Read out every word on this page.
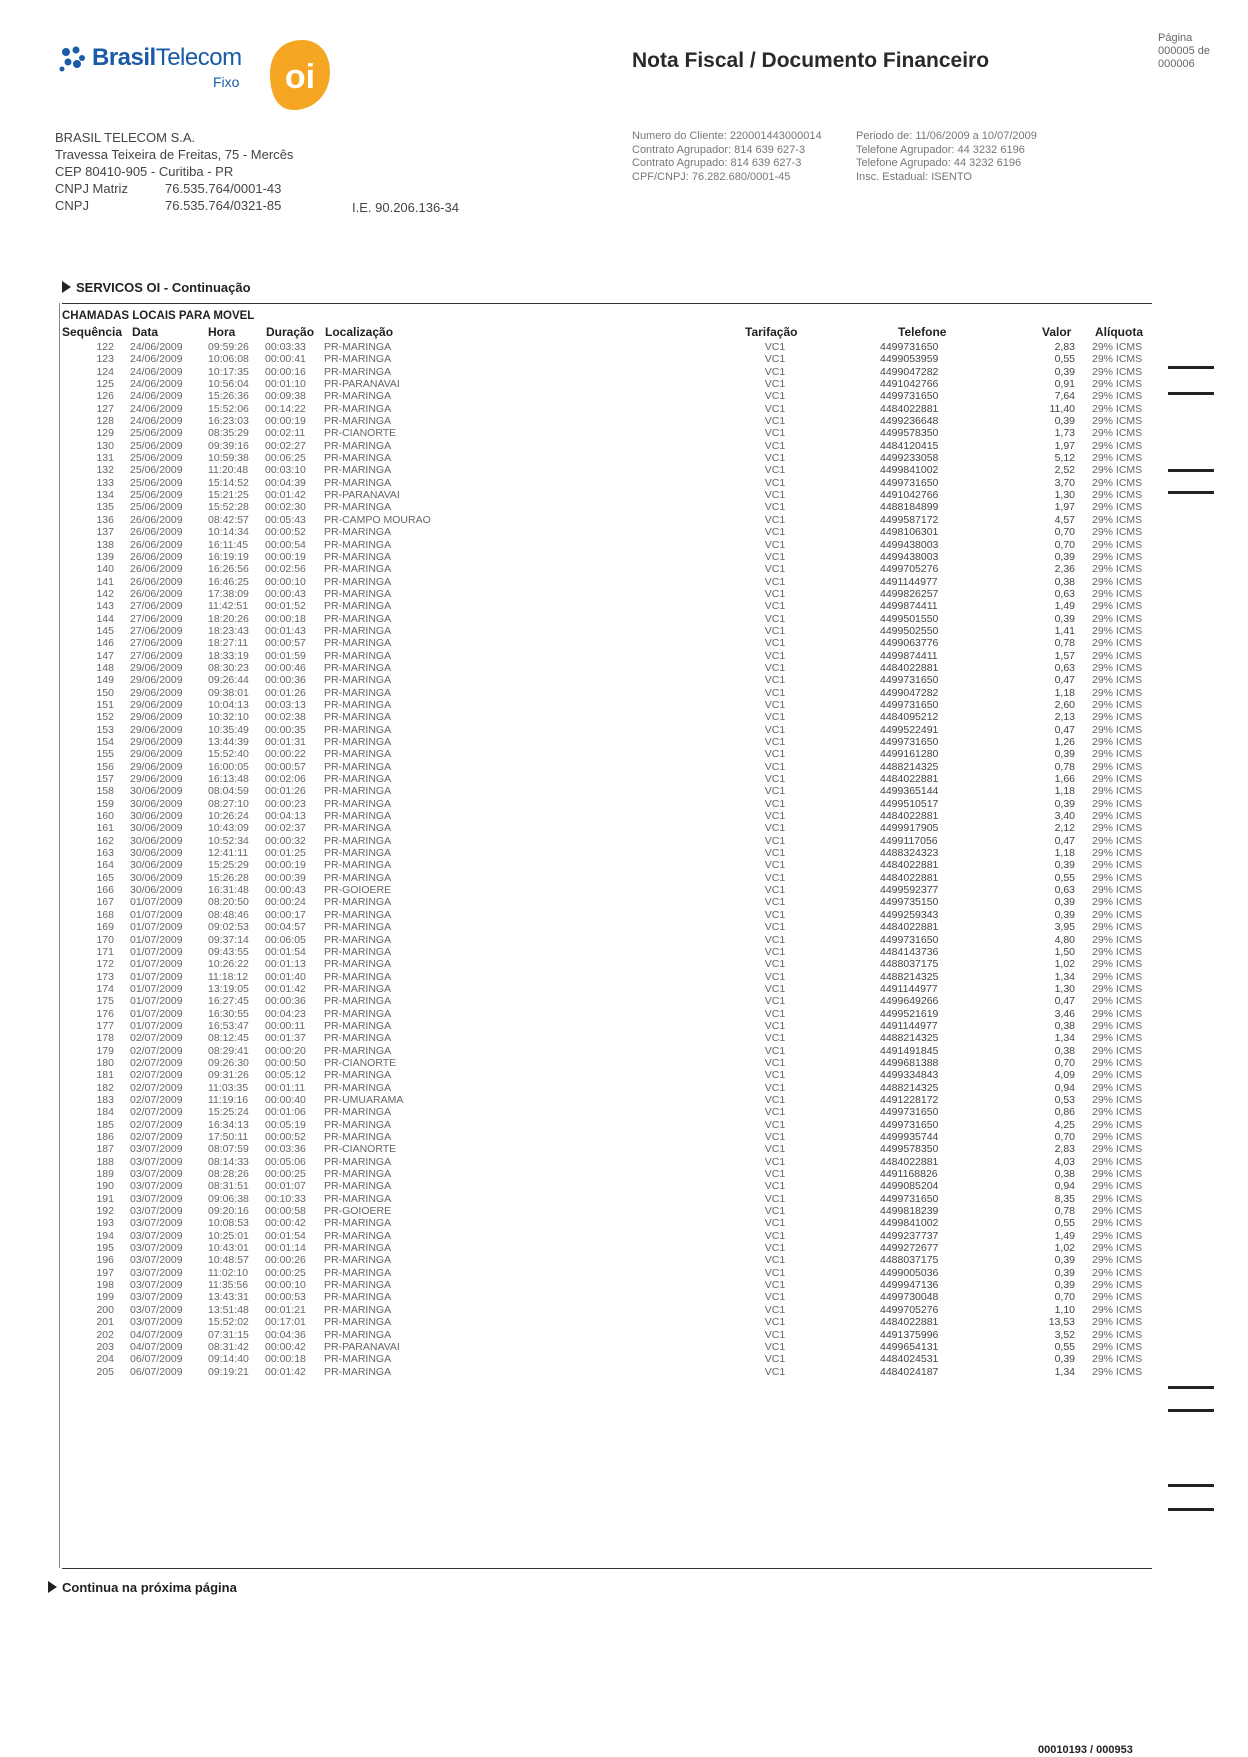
BrasilTelecom
Fixo oi	Nota Fiscal / Documento Financeiro
Página
000005 de
000006
BRASIL TELECOM S.A.
Travessa Teixeira de Freitas, 75 - Mercês
CEP 80410-905 - Curitiba - PR
CNPJ Matriz	76.535.764/0001-43
CNPJ	76.535.764/0321-85	I.E. 90.206.136-34
Numero do Cliente: 220001443000014
Contrato Agrupador: 814 639 627-3
Contrato Agrupado: 814 639 627-3
CPF/CNPJ: 76.282.680/0001-45
Periodo de: 11/06/2009 a 10/07/2009
Telefone Agrupador: 44 3232 6196
Telefone Agrupado: 44 3232 6196
Insc. Estadual: ISENTO
SERVICOS OI - Continuação
CHAMADAS LOCAIS PARA MOVEL
Sequência Data	Hora	Duração Localização	Tarifação	Telefone	Valor Alíquota
122 24/06/2009 09:59:26 00:03:33 PR-MARINGA	VC1	4499731650	2,83 29% ICMS
123 24/06/2009 10:06:08 00:00:41 PR-MARINGA	VC1	4499053959	0,55 29% ICMS
124 24/06/2009 10:17:35 00:00:16 PR-MARINGA	VC1	4499047282	0,39 29% ICMS
125 24/06/2009 10:56:04 00:01:10 PR-PARANAVAI	VC1	4491042766	0,91 29% ICMS
126 24/06/2009 15:26:36 00:09:38 PR-MARINGA	VC1	4499731650	7,64 29% ICMS
127 24/06/2009 15:52:06 00:14:22 PR-MARINGA	VC1	4484022881	11,40 29% ICMS
128 24/06/2009 16:23:03 00:00:19 PR-MARINGA	VC1	4499236648	0,39 29% ICMS
129 25/06/2009 08:35:29 00:02:11 PR-CIANORTE	VC1	4499578350	1,73 29% ICMS
130 25/06/2009 09:39:16 00:02:27 PR-MARINGA	VC1	4484120415	1,97 29% ICMS
131 25/06/2009 10:59:38 00:06:25 PR-MARINGA	VC1	4499233058	5,12 29% ICMS
132 25/06/2009 11:20:48 00:03:10 PR-MARINGA	VC1	4499841002	2,52 29% ICMS
133 25/06/2009 15:14:52 00:04:39 PR-MARINGA	VC1	4499731650	3,70 29% ICMS
134 25/06/2009 15:21:25 00:01:42 PR-PARANAVAI	VC1	4491042766	1,30 29% ICMS
135 25/06/2009 15:52:28 00:02:30 PR-MARINGA	VC1	4488184899	1,97 29% ICMS
136 26/06/2009 08:42:57 00:05:43 PR-CAMPO MOURAO	VC1	4499587172	4,57 29% ICMS
137 26/06/2009 10:14:34 00:00:52 PR-MARINGA	VC1	4498106301	0,70 29% ICMS
138 26/06/2009 16:11:45 00:00:54 PR-MARINGA	VC1	4499438003	0,70 29% ICMS
139 26/06/2009 16:19:19 00:00:19 PR-MARINGA	VC1	4499438003	0,39 29% ICMS
140 26/06/2009 16:26:56 00:02:56 PR-MARINGA	VC1	4499705276	2,36 29% ICMS
141 26/06/2009 16:46:25 00:00:10 PR-MARINGA	VC1	4491144977	0,38 29% ICMS
142 26/06/2009 17:38:09 00:00:43 PR-MARINGA	VC1	4499826257	0,63 29% ICMS
143 27/06/2009 11:42:51 00:01:52 PR-MARINGA	VC1	4499874411	1,49 29% ICMS
144 27/06/2009 18:20:26 00:00:18 PR-MARINGA	VC1	4499501550	0,39 29% ICMS
145 27/06/2009 18:23:43 00:01:43 PR-MARINGA	VC1	4499502550	1,41 29% ICMS
146 27/06/2009 18:27:11 00:00:57 PR-MARINGA	VC1	4499063776	0,78 29% ICMS
147 27/06/2009 18:33:19 00:01:59 PR-MARINGA	VC1	4499874411	1,57 29% ICMS
148 29/06/2009 08:30:23 00:00:46 PR-MARINGA	VC1	4484022881	0,63 29% ICMS
149 29/06/2009 09:26:44 00:00:36 PR-MARINGA	VC1	4499731650	0,47 29% ICMS
150 29/06/2009 09:38:01 00:01:26 PR-MARINGA	VC1	4499047282	1,18 29% ICMS
151 29/06/2009 10:04:13 00:03:13 PR-MARINGA	VC1	4499731650	2,60 29% ICMS
152 29/06/2009 10:32:10 00:02:38 PR-MARINGA	VC1	4484095212	2,13 29% ICMS
153 29/06/2009 10:35:49 00:00:35 PR-MARINGA	VC1	4499522491	0,47 29% ICMS
154 29/06/2009 13:44:39 00:01:31 PR-MARINGA	VC1	4499731650	1,26 29% ICMS
155 29/06/2009 15:52:40 00:00:22 PR-MARINGA	VC1	4499161280	0,39 29% ICMS
156 29/06/2009 16:00:05 00:00:57 PR-MARINGA	VC1	4488214325	0,78 29% ICMS
157 29/06/2009 16:13:48 00:02:06 PR-MARINGA	VC1	4484022881	1,66 29% ICMS
158 30/06/2009 08:04:59 00:01:26 PR-MARINGA	VC1	4499365144	1,18 29% ICMS
159 30/06/2009 08:27:10 00:00:23 PR-MARINGA	VC1	4499510517	0,39 29% ICMS
160 30/06/2009 10:26:24 00:04:13 PR-MARINGA	VC1	4484022881	3,40 29% ICMS
161 30/06/2009 10:43:09 00:02:37 PR-MARINGA	VC1	4499917905	2,12 29% ICMS
162 30/06/2009 10:52:34 00:00:32 PR-MARINGA	VC1	4499117056	0,47 29% ICMS
163 30/06/2009 12:41:11 00:01:25 PR-MARINGA	VC1	4488324323	1,18 29% ICMS
164 30/06/2009 15:25:29 00:00:19 PR-MARINGA	VC1	4484022881	0,39 29% ICMS
165 30/06/2009 15:26:28 00:00:39 PR-MARINGA	VC1	4484022881	0,55 29% ICMS
166 30/06/2009 16:31:48 00:00:43 PR-GOIOERE	VC1	4499592377	0,63 29% ICMS
167 01/07/2009 08:20:50 00:00:24 PR-MARINGA	VC1	4499735150	0,39 29% ICMS
168 01/07/2009 08:48:46 00:00:17 PR-MARINGA	VC1	4499259343	0,39 29% ICMS
169 01/07/2009 09:02:53 00:04:57 PR-MARINGA	VC1	4484022881	3,95 29% ICMS
170 01/07/2009 09:37:14 00:06:05 PR-MARINGA	VC1	4499731650	4,80 29% ICMS
171 01/07/2009 09:43:55 00:01:54 PR-MARINGA	VC1	4484143736	1,50 29% ICMS
172 01/07/2009 10:26:22 00:01:13 PR-MARINGA	VC1	4488037175	1,02 29% ICMS
173 01/07/2009 11:18:12 00:01:40 PR-MARINGA	VC1	4488214325	1,34 29% ICMS
174 01/07/2009 13:19:05 00:01:42 PR-MARINGA	VC1	4491144977	1,30 29% ICMS
175 01/07/2009 16:27:45 00:00:36 PR-MARINGA	VC1	4499649266	0,47 29% ICMS
176 01/07/2009 16:30:55 00:04:23 PR-MARINGA	VC1	4499521619	3,46 29% ICMS
177 01/07/2009 16:53:47 00:00:11 PR-MARINGA	VC1	4491144977	0,38 29% ICMS
178 02/07/2009 08:12:45 00:01:37 PR-MARINGA	VC1	4488214325	1,34 29% ICMS
179 02/07/2009 08:29:41 00:00:20 PR-MARINGA	VC1	4491491845	0,38 29% ICMS
180 02/07/2009 09:26:30 00:00:50 PR-CIANORTE	VC1	4499681388	0,70 29% ICMS
181 02/07/2009 09:31:26 00:05:12 PR-MARINGA	VC1	4499334843	4,09 29% ICMS
182 02/07/2009 11:03:35 00:01:11 PR-MARINGA	VC1	4488214325	0,94 29% ICMS
183 02/07/2009 11:19:16 00:00:40 PR-UMUARAMA	VC1	4491228172	0,53 29% ICMS
184 02/07/2009 15:25:24 00:01:06 PR-MARINGA	VC1	4499731650	0,86 29% ICMS
185 02/07/2009 16:34:13 00:05:19 PR-MARINGA	VC1	4499731650	4,25 29% ICMS
186 02/07/2009 17:50:11 00:00:52 PR-MARINGA	VC1	4499935744	0,70 29% ICMS
187 03/07/2009 08:07:59 00:03:36 PR-CIANORTE	VC1	4499578350	2,83 29% ICMS
188 03/07/2009 08:14:33 00:05:06 PR-MARINGA	VC1	4484022881	4,03 29% ICMS
189 03/07/2009 08:28:26 00:00:25 PR-MARINGA	VC1	4491168826	0,38 29% ICMS
190 03/07/2009 08:31:51 00:01:07 PR-MARINGA	VC1	4499085204	0,94 29% ICMS
191 03/07/2009 09:06:38 00:10:33 PR-MARINGA	VC1	4499731650	8,35 29% ICMS
192 03/07/2009 09:20:16 00:00:58 PR-GOIOERE	VC1	4499818239	0,78 29% ICMS
193 03/07/2009 10:08:53 00:00:42 PR-MARINGA	VC1	4499841002	0,55 29% ICMS
194 03/07/2009 10:25:01 00:01:54 PR-MARINGA	VC1	4499237737	1,49 29% ICMS
195 03/07/2009 10:43:01 00:01:14 PR-MARINGA	VC1	4499272677	1,02 29% ICMS
196 03/07/2009 10:48:57 00:00:26 PR-MARINGA	VC1	4488037175	0,39 29% ICMS
197 03/07/2009 11:02:10 00:00:25 PR-MARINGA	VC1	4499005036	0,39 29% ICMS
198 03/07/2009 11:35:56 00:00:10 PR-MARINGA	VC1	4499947136	0,39 29% ICMS
199 03/07/2009 13:43:31 00:00:53 PR-MARINGA	VC1	4499730048	0,70 29% ICMS
200 03/07/2009 13:51:48 00:01:21 PR-MARINGA	VC1	4499705276	1,10 29% ICMS
201 03/07/2009 15:52:02 00:17:01 PR-MARINGA	VC1	4484022881	13,53 29% ICMS
202 04/07/2009 07:31:15 00:04:36 PR-MARINGA	VC1	4491375996	3,52 29% ICMS
203 04/07/2009 08:31:42 00:00:42 PR-PARANAVAI	VC1	4499654131	0,55 29% ICMS
204 06/07/2009 09:14:40 00:00:18 PR-MARINGA	VC1	4484024531	0,39 29% ICMS
205 06/07/2009 09:19:21 00:01:42 PR-MARINGA	VC1	4484024187	1,34 29% ICMS
Continua na próxima página
00010193 / 000953
